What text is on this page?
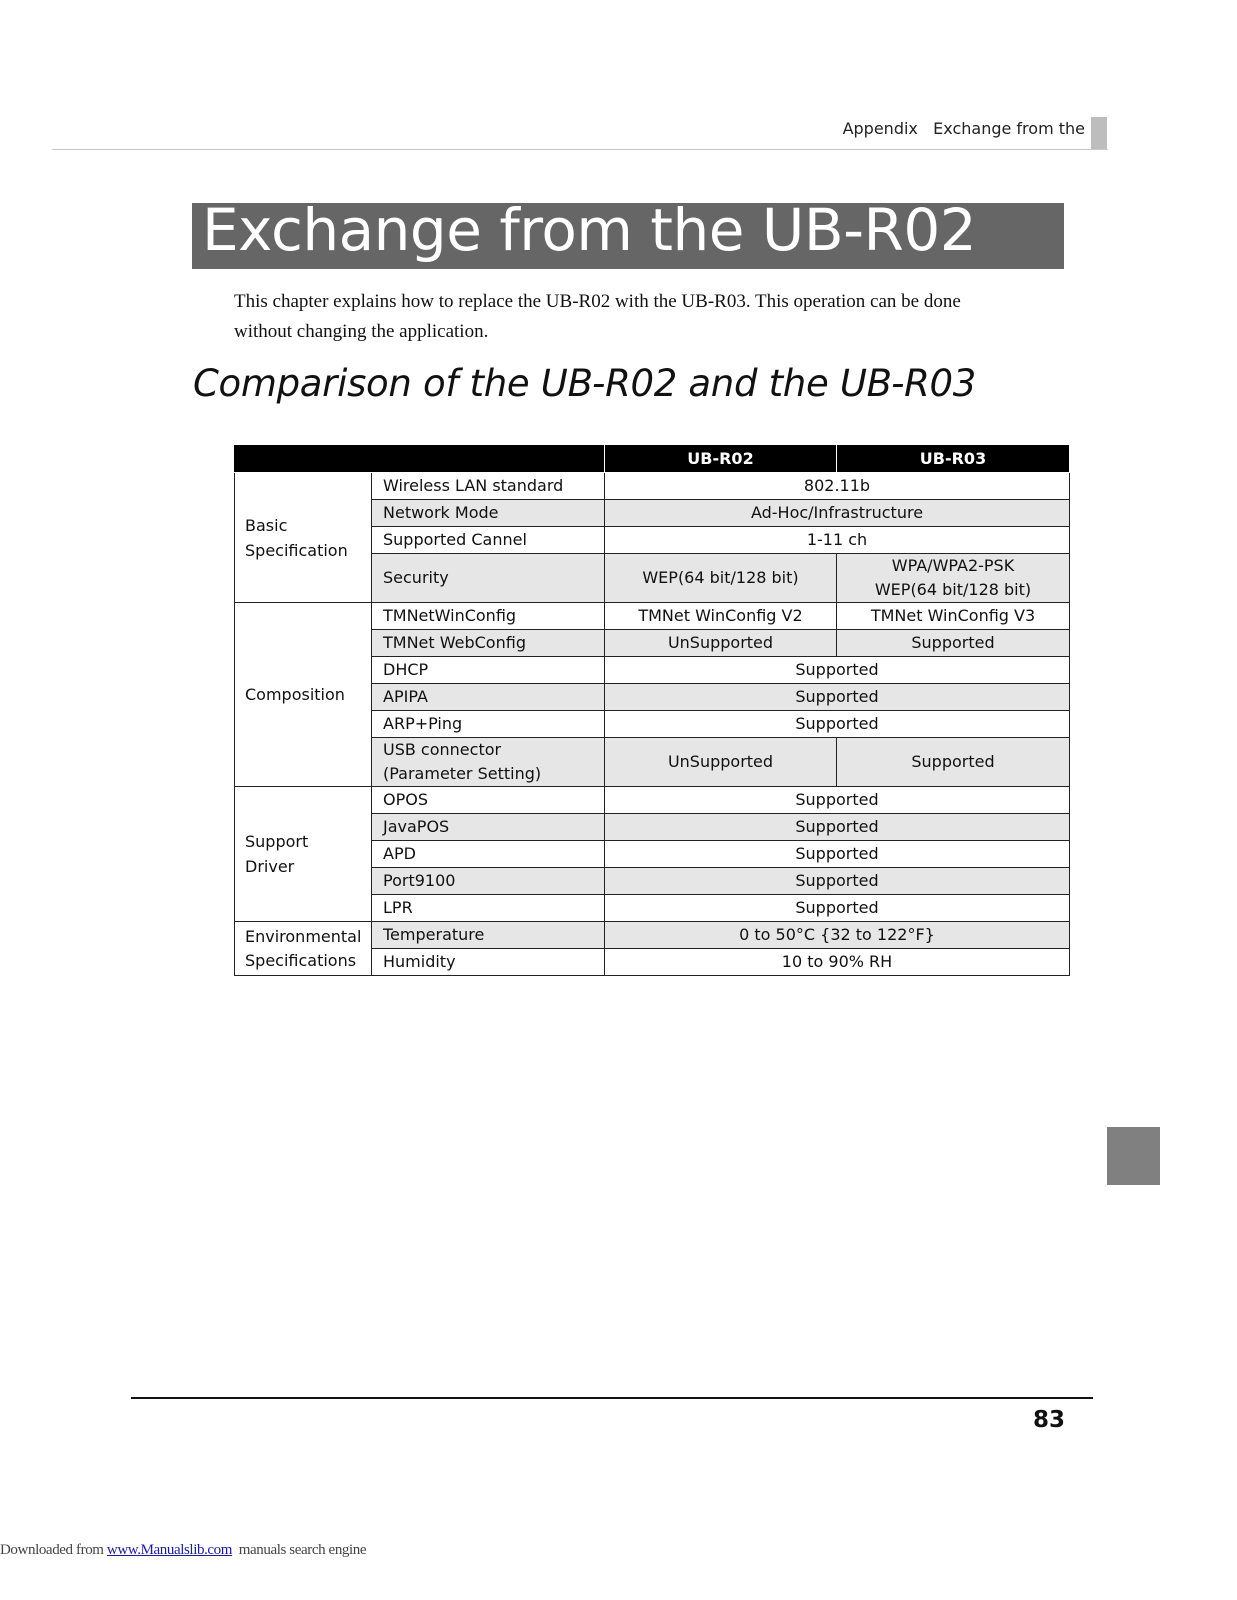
Appendix   Exchange from the
Exchange from the UB-R02

This chapter explains how to replace the UB-R02 with the UB-R03. This operation can be done
without changing the application.

Comparison of the UB-R02 and the UB-R03
		UB-R02	UB-R03
Basic Specification	Wireless LAN standard	802.11b	
	Network Mode	Ad-Hoc/Infrastructure	
	Supported Cannel	1-11 ch	
	Security	WEP(64 bit/128 bit)	WPA/WPA2-PSK
WEP(64 bit/128 bit)

Composition	TMNetWinConfig	TMNet WinConfig V2	TMNet WinConfig V3
	TMNet WebConfig	UnSupported	Supported
	DHCP	Supported	
	APIPA	Supported	
	ARP+Ping	Supported	

	USB connector
(Parameter Setting)	UnSupported	Supported
Support Driver	OPOS	Supported	
	JavaPOS	Supported	
	APD	Supported	
	Port9100	Supported	
	LPR	Supported	

Environmental
Specifications	Temperature	0 to 50°C {32 to 122°F}	
	Humidity	10 to 90% RH	
83
Downloaded from www.Manualslib.com  manuals search engine
